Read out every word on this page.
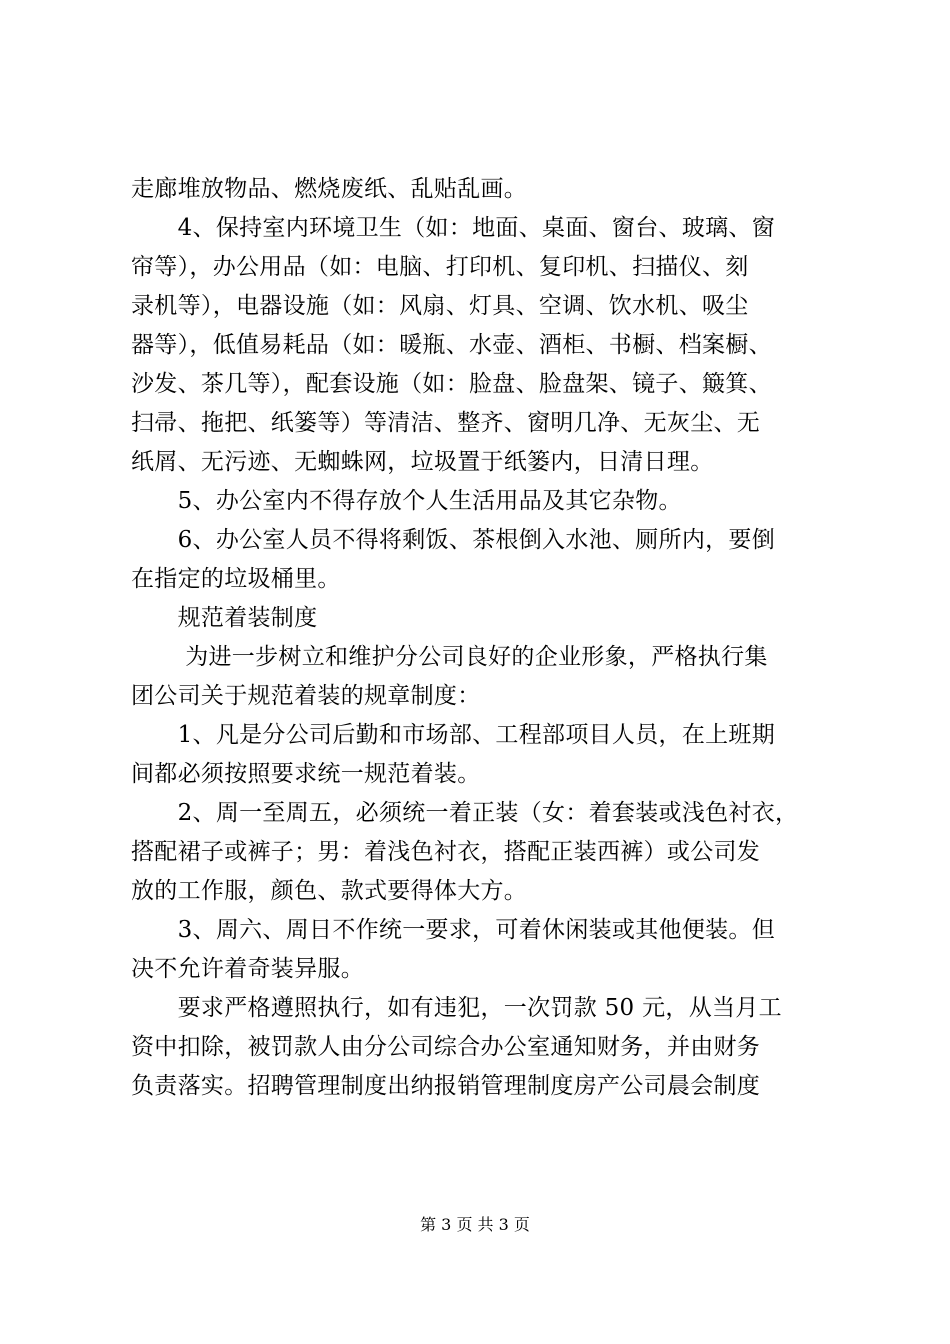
走廊堆放物品、燃烧废纸、乱贴乱画。
　　4、保持室内环境卫生（如：地面、桌面、窗台、玻璃、窗
帘等），办公用品（如：电脑、打印机、复印机、扫描仪、刻
录机等），电器设施（如：风扇、灯具、空调、饮水机、吸尘
器等），低值易耗品（如：暖瓶、水壶、酒柜、书橱、档案橱、
沙发、茶几等），配套设施（如：脸盘、脸盘架、镜子、簸箕、
扫帚、拖把、纸篓等）等清洁、整齐、窗明几净、无灰尘、无
纸屑、无污迹、无蜘蛛网，垃圾置于纸篓内，日清日理。
　　5、办公室内不得存放个人生活用品及其它杂物。
　　6、办公室人员不得将剩饭、茶根倒入水池、厕所内，要倒
在指定的垃圾桶里。
　　规范着装制度
　　 为进一步树立和维护分公司良好的企业形象，严格执行集
团公司关于规范着装的规章制度：
　　1、凡是分公司后勤和市场部、工程部项目人员，在上班期
间都必须按照要求统一规范着装。
　　2、周一至周五，必须统一着正装（女：着套装或浅色衬衣，
搭配裙子或裤子；男：着浅色衬衣，搭配正装西裤）或公司发
放的工作服，颜色、款式要得体大方。
　　3、周六、周日不作统一要求，可着休闲装或其他便装。但
决不允许着奇装异服。
　　要求严格遵照执行，如有违犯，一次罚款 50 元，从当月工
资中扣除，被罚款人由分公司综合办公室通知财务，并由财务
负责落实。招聘管理制度出纳报销管理制度房产公司晨会制度
第 3 页 共 3 页
